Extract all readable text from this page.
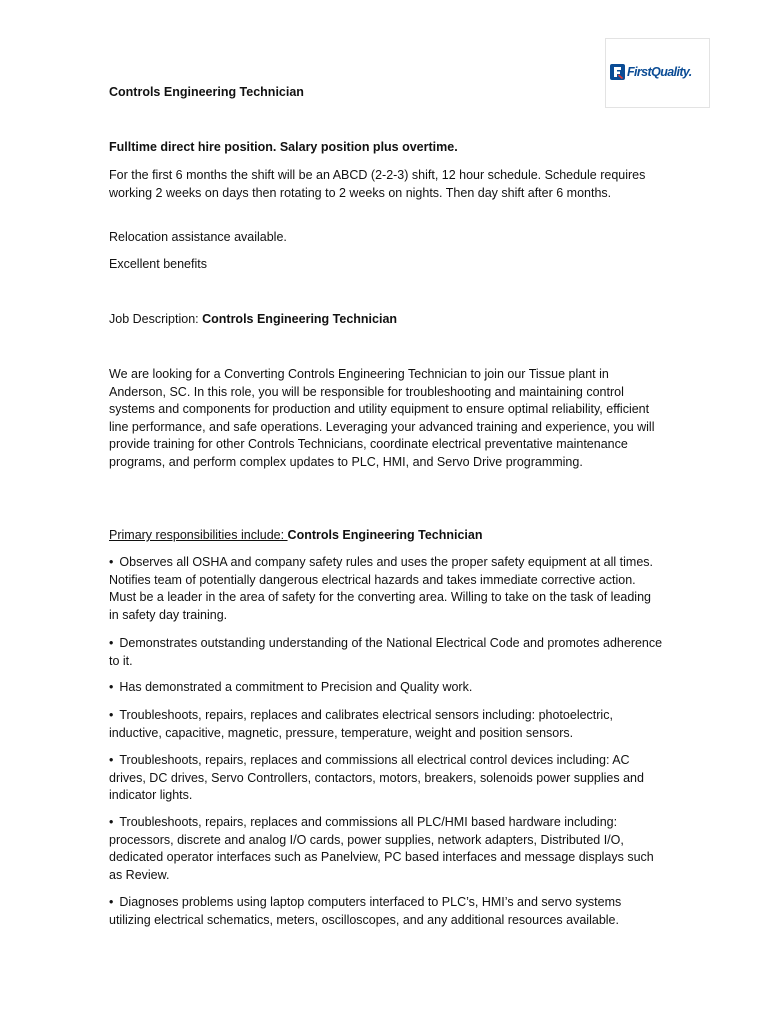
FirstQuality.

Controls Engineering Technician

Fulltime direct hire position. Salary position plus overtime.

For the first 6 months the shift will be an ABCD (2-2-3) shift, 12 hour schedule. Schedule requires working 2 weeks on days then rotating to 2 weeks on nights. Then day shift after 6 months.

Relocation assistance available.

Excellent benefits

Job Description: Controls Engineering Technician

We are looking for a Converting Controls Engineering Technician to join our Tissue plant in Anderson, SC. In this role, you will be responsible for troubleshooting and maintaining control systems and components for production and utility equipment to ensure optimal reliability, efficient line performance, and safe operations. Leveraging your advanced training and experience, you will provide training for other Controls Technicians, coordinate electrical preventative maintenance programs, and perform complex updates to PLC, HMI, and Servo Drive programming.

Primary responsibilities include: Controls Engineering Technician

• Observes all OSHA and company safety rules and uses the proper safety equipment at all times. Notifies team of potentially dangerous electrical hazards and takes immediate corrective action. Must be a leader in the area of safety for the converting area. Willing to take on the task of leading in safety day training.

• Demonstrates outstanding understanding of the National Electrical Code and promotes adherence to it.

• Has demonstrated a commitment to Precision and Quality work.

• Troubleshoots, repairs, replaces and calibrates electrical sensors including: photoelectric, inductive, capacitive, magnetic, pressure, temperature, weight and position sensors.

• Troubleshoots, repairs, replaces and commissions all electrical control devices including: AC drives, DC drives, Servo Controllers, contactors, motors, breakers, solenoids power supplies and indicator lights.

• Troubleshoots, repairs, replaces and commissions all PLC/HMI based hardware including: processors, discrete and analog I/O cards, power supplies, network adapters, Distributed I/O, dedicated operator interfaces such as Panelview, PC based interfaces and message displays such as Review.

• Diagnoses problems using laptop computers interfaced to PLC’s, HMI’s and servo systems utilizing electrical schematics, meters, oscilloscopes, and any additional resources available.
